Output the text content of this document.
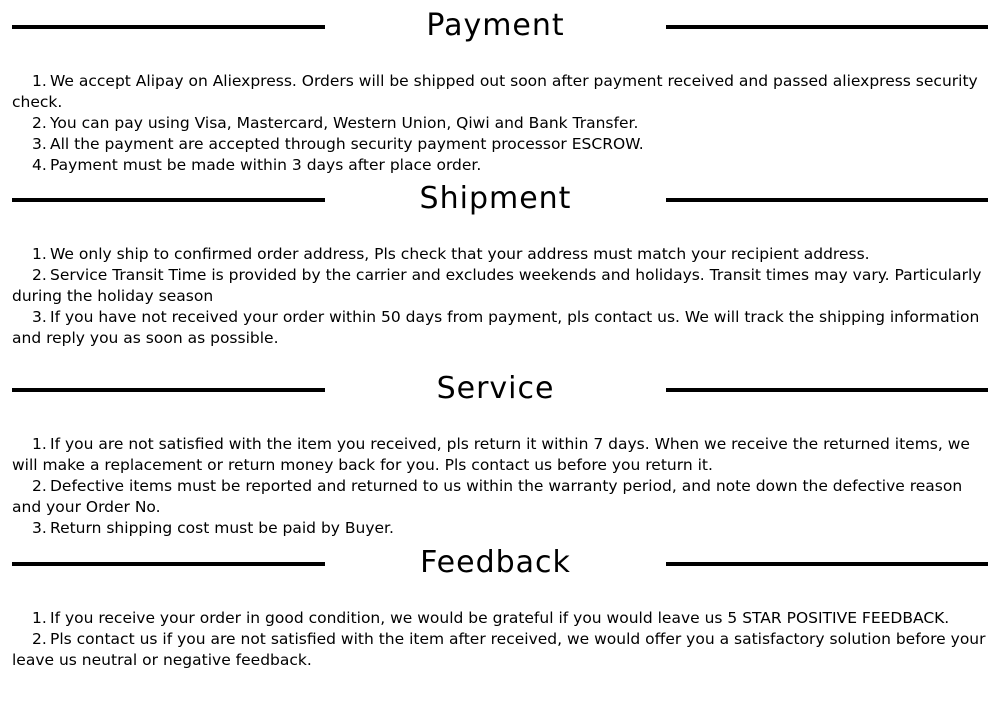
Payment
1. We accept Alipay on Aliexpress. Orders will be shipped out soon after payment received and passed aliexpress security check.
2. You can pay using Visa, Mastercard, Western Union, Qiwi and Bank Transfer.
3. All the payment are accepted through security payment processor ESCROW.
4. Payment must be made within 3 days after place order.
Shipment
1. We only ship to confirmed order address, Pls check that your address must match your recipient address.
2. Service Transit Time is provided by the carrier and excludes weekends and holidays. Transit times may vary. Particularly during the holiday season
3. If you have not received your order within 50 days from payment, pls contact us. We will track the shipping information and reply you as soon as possible.
Service
1. If you are not satisfied with the item you received, pls return it within 7 days. When we receive the returned items, we will make a replacement or return money back for you. Pls contact us before you return it.
2. Defective items must be reported and returned to us within the warranty period, and note down the defective reason and your Order No.
3. Return shipping cost must be paid by Buyer.
Feedback
1. If you receive your order in good condition, we would be grateful if you would leave us 5 STAR POSITIVE FEEDBACK.
2. Pls contact us if you are not satisfied with the item after received, we would offer you a satisfactory solution before your leave us neutral or negative feedback.
